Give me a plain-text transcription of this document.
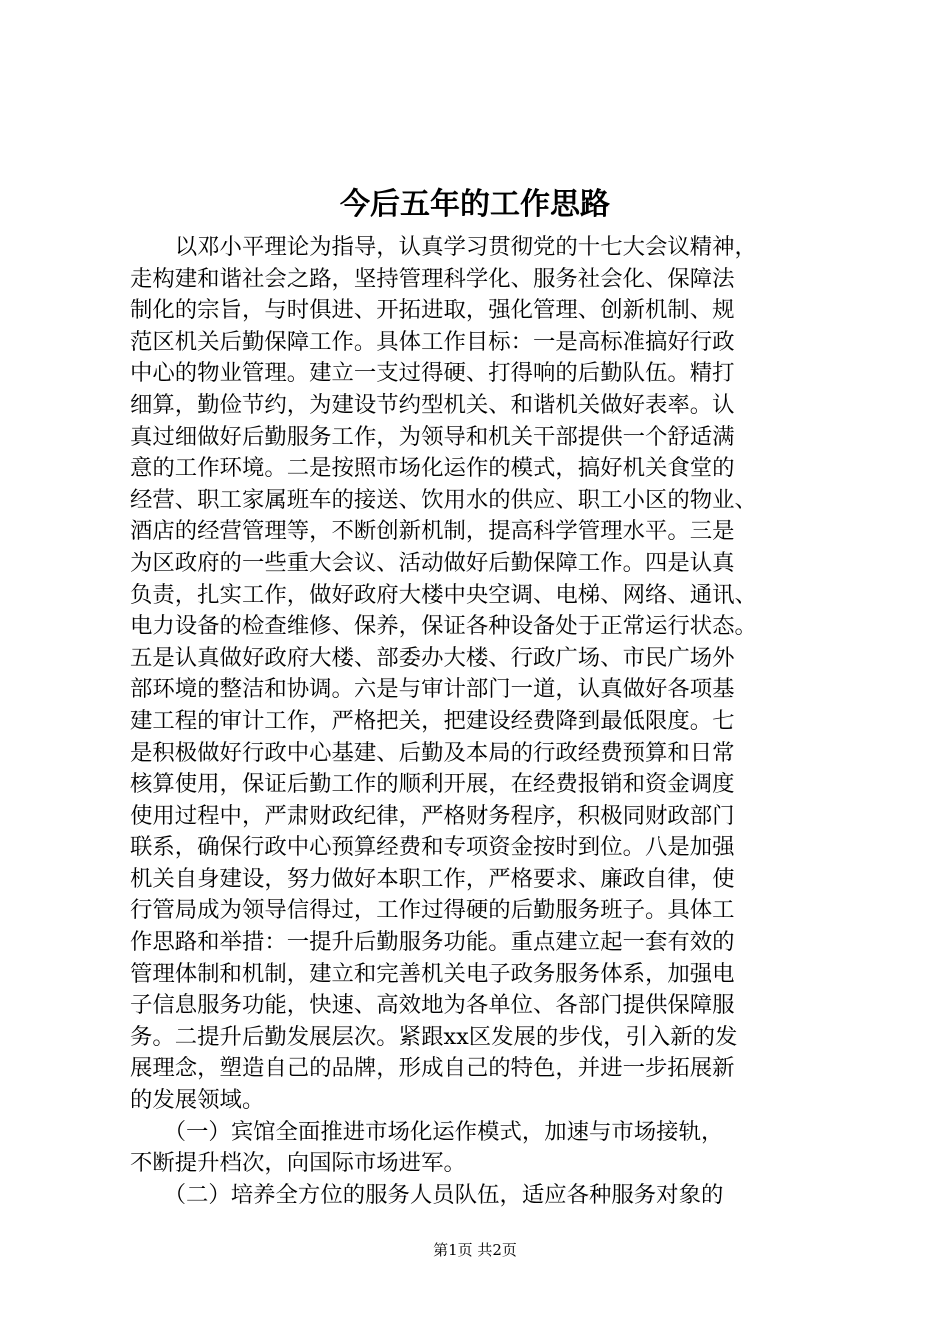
今后五年的工作思路

　　以邓小平理论为指导，认真学习贯彻党的十七大会议精神，
走构建和谐社会之路，坚持管理科学化、服务社会化、保障法
制化的宗旨，与时俱进、开拓进取，强化管理、创新机制、规
范区机关后勤保障工作。具体工作目标：一是高标准搞好行政
中心的物业管理。建立一支过得硬、打得响的后勤队伍。精打
细算，勤俭节约，为建设节约型机关、和谐机关做好表率。认
真过细做好后勤服务工作，为领导和机关干部提供一个舒适满
意的工作环境。二是按照市场化运作的模式，搞好机关食堂的
经营、职工家属班车的接送、饮用水的供应、职工小区的物业、
酒店的经营管理等，不断创新机制，提高科学管理水平。三是
为区政府的一些重大会议、活动做好后勤保障工作。四是认真
负责，扎实工作，做好政府大楼中央空调、电梯、网络、通讯、
电力设备的检查维修、保养，保证各种设备处于正常运行状态。
五是认真做好政府大楼、部委办大楼、行政广场、市民广场外
部环境的整洁和协调。六是与审计部门一道，认真做好各项基
建工程的审计工作，严格把关，把建设经费降到最低限度。七
是积极做好行政中心基建、后勤及本局的行政经费预算和日常
核算使用，保证后勤工作的顺利开展，在经费报销和资金调度
使用过程中，严肃财政纪律，严格财务程序，积极同财政部门
联系，确保行政中心预算经费和专项资金按时到位。八是加强
机关自身建设，努力做好本职工作，严格要求、廉政自律，使
行管局成为领导信得过，工作过得硬的后勤服务班子。具体工
作思路和举措：一提升后勤服务功能。重点建立起一套有效的
管理体制和机制，建立和完善机关电子政务服务体系，加强电
子信息服务功能，快速、高效地为各单位、各部门提供保障服
务。二提升后勤发展层次。紧跟xx区发展的步伐，引入新的发
展理念，塑造自己的品牌，形成自己的特色，并进一步拓展新
的发展领域。

　　（一）宾馆全面推进市场化运作模式，加速与市场接轨，
不断提升档次，向国际市场进军。

　　（二）培养全方位的服务人员队伍，适应各种服务对象的

第1页 共2页
